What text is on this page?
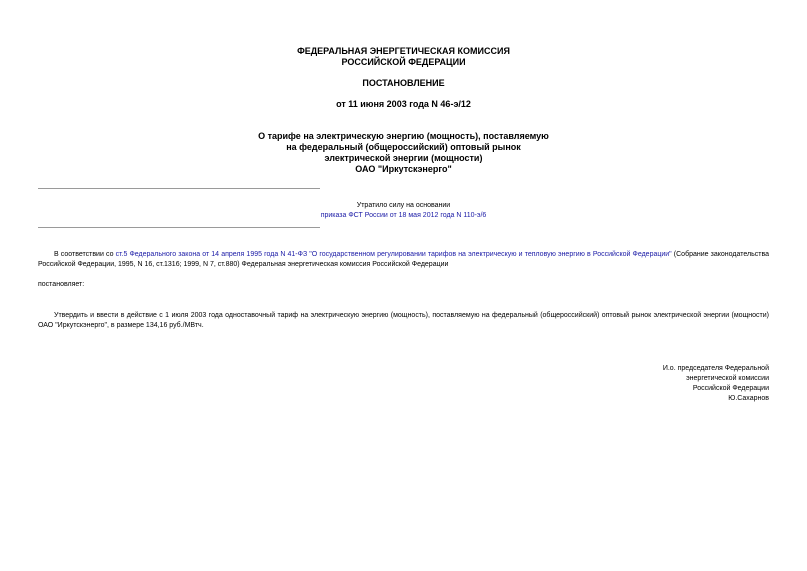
ФЕДЕРАЛЬНАЯ ЭНЕРГЕТИЧЕСКАЯ КОМИССИЯ
РОССИЙСКОЙ ФЕДЕРАЦИИ
ПОСТАНОВЛЕНИЕ
от 11 июня 2003 года N 46-э/12
О тарифе на электрическую энергию (мощность), поставляемую
на федеральный (общероссийский) оптовый рынок
электрической энергии (мощности)
ОАО "Иркутскэнерго"
Утратило силу на основании
приказа ФСТ России от 18 мая 2012 года N 110-э/6
В соответствии со ст.5 Федерального закона от 14 апреля 1995 года N 41-ФЗ "О государственном регулировании тарифов на электрическую и тепловую энергию в Российской Федерации" (Собрание законодательства Российской Федерации, 1995, N 16, ст.1316; 1999, N 7, ст.880) Федеральная энергетическая комиссия Российской Федерации
постановляет:
Утвердить и ввести в действие с 1 июля 2003 года одноставочный тариф на электрическую энергию (мощность), поставляемую на федеральный (общероссийский) оптовый рынок электрической энергии (мощности) ОАО "Иркутскэнерго", в размере 134,16 руб./МВтч.
И.о. председателя Федеральной
энергетической комиссии
Российской Федерации
Ю.Сахарнов
